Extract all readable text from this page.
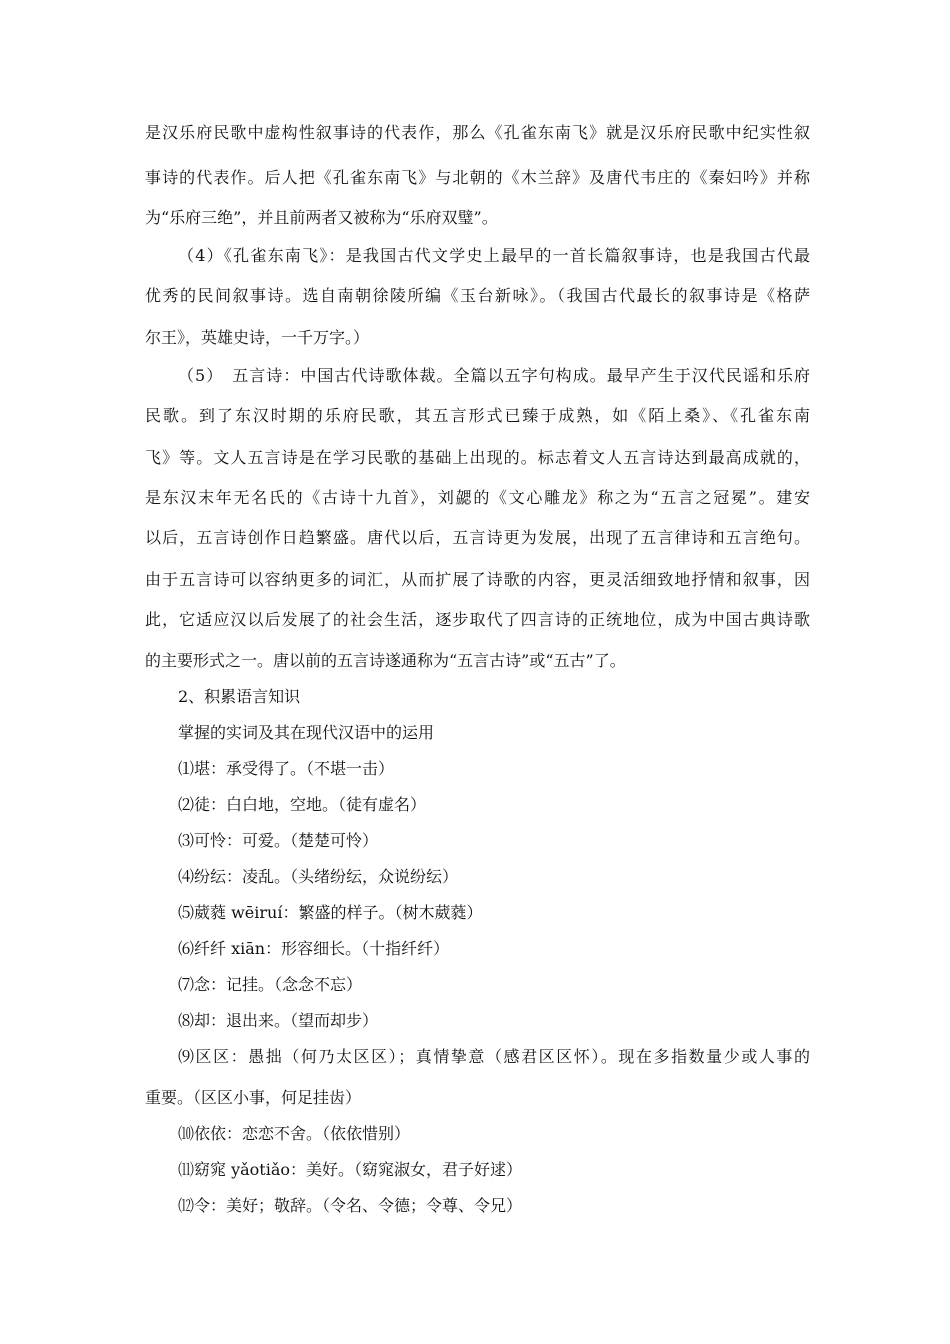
是汉乐府民歌中虚构性叙事诗的代表作，那么《孔雀东南飞》就是汉乐府民歌中纪实性叙
事诗的代表作。后人把《孔雀东南飞》与北朝的《木兰辞》及唐代韦庄的《秦妇吟》并称
为“乐府三绝”，并且前两者又被称为“乐府双璧”。
（4）《孔雀东南飞》：是我国古代文学史上最早的一首长篇叙事诗，也是我国古代最
优秀的民间叙事诗。选自南朝徐陵所编《玉台新咏》。（我国古代最长的叙事诗是《格萨
尔王》，英雄史诗，一千万字。）
（5）　五言诗：中国古代诗歌体裁。全篇以五字句构成。最早产生于汉代民谣和乐府
民歌。到了东汉时期的乐府民歌，其五言形式已臻于成熟，如《陌上桑》、《孔雀东南
飞》等。文人五言诗是在学习民歌的基础上出现的。标志着文人五言诗达到最高成就的，
是东汉末年无名氏的《古诗十九首》，刘勰的《文心雕龙》称之为“五言之冠冕”。建安
以后，五言诗创作日趋繁盛。唐代以后，五言诗更为发展，出现了五言律诗和五言绝句。
由于五言诗可以容纳更多的词汇，从而扩展了诗歌的内容，更灵活细致地抒情和叙事，因
此，它适应汉以后发展了的社会生活，逐步取代了四言诗的正统地位，成为中国古典诗歌
的主要形式之一。唐以前的五言诗遂通称为“五言古诗”或“五古”了。
2、积累语言知识
掌握的实词及其在现代汉语中的运用
⑴堪：承受得了。（不堪一击）
⑵徒：白白地，空地。（徒有虚名）
⑶可怜：可爱。（楚楚可怜）
⑷纷纭：凌乱。（头绪纷纭，众说纷纭）
⑸葳蕤 wēiruí：繁盛的样子。（树木葳蕤）
⑹纤纤 xiān：形容细长。（十指纤纤）
⑺念：记挂。（念念不忘）
⑻却：退出来。（望而却步）
⑼区区：愚拙（何乃太区区）；真情挚意（感君区区怀）。现在多指数量少或人事的
重要。（区区小事，何足挂齿）
⑽依依：恋恋不舍。（依依惜别）
⑾窈窕 yǎotiǎo：美好。（窈窕淑女，君子好逑）
⑿令：美好；敬辞。（令名、令德；令尊、令兄）
